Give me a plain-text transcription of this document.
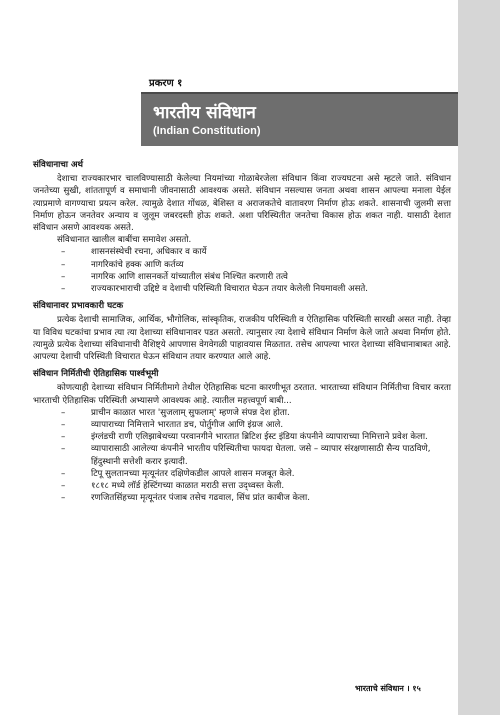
प्रकरण १
भारतीय संविधान
(Indian Constitution)
संविधानाचा अर्थ

देशाचा राज्यकारभार चालविण्यासाठी केलेल्या नियमांच्या गोळाबेरजेला संविधान किंवा राज्यघटना असे म्हटले जाते. संविधान जनतेच्या सुखी, शांततापूर्ण व समाधानी जीवनासाठी आवश्यक असते. संविधान नसल्यास जनता अथवा शासन आपल्या मनाला येईल त्याप्रमाणे वागण्याचा प्रयत्न करेल. त्यामुळे देशात गोंधळ, बेशिस्त व अराजकतेचे वातावरण निर्माण होऊ शकते. शासनाची जुलमी सत्ता निर्माण होऊन जनतेवर अन्याय व जुलूम जबरदस्ती होऊ शकते. अशा परिस्थितीत जनतेचा विकास होऊ शकत नाही. यासाठी देशात संविधान असणे आवश्यक असते.

संविधानात खालील बाबींचा समावेश असतो.

–	शासनसंस्थेची रचना, अधिकार व कार्ये
–	नागरिकांचे हक्क आणि कर्तव्य
–	नागरिक आणि शासनकर्ते यांच्यातील संबंध निश्चित करणारी तत्वे
–	राज्यकारभाराची उद्दिष्टे व देशाची परिस्थिती विचारात घेऊन तयार केलेली नियमावली असते.
संविधानावर प्रभावकारी घटक

प्रत्येक देशाची सामाजिक, आर्थिक, भौगोलिक, सांस्कृतिक, राजकीय परिस्थिती व ऐतिहासिक परिस्थिती सारखी असत नाही. तेव्हा या विविध घटकांचा प्रभाव त्या त्या देशाच्या संविधानावर पडत असतो. त्यानुसार त्या देशाचे संविधान निर्माण केले जाते अथवा निर्माण होते. त्यामुळे प्रत्येक देशाच्या संविधानाची वैशिष्ट्ये आपणास वेगवेगळी पाहावयास मिळतात. तसेच आपल्या भारत देशाच्या संविधानाबाबत आहे. आपल्या देशाची परिस्थिती विचारात घेऊन संविधान तयार करण्यात आले आहे.

संविधान निर्मितीची ऐतिहासिक पार्श्वभूमी

कोणत्याही देशाच्या संविधान निर्मितीमागे तेथील ऐतिहासिक घटना कारणीभूत ठरतात. भारताच्या संविधान निर्मितीचा विचार करता भारताची ऐतिहासिक परिस्थिती अभ्यासणे आवश्यक आहे. त्यातील महत्त्वपूर्ण बाबी...

–	प्राचीन काळात भारत 'सुजलाम् सुफलाम्' म्हणजे संपन्न देश होता.
–	व्यापाराच्या निमित्ताने भारतात डच, पोर्तुगीज आणि इंग्रज आले.
–	इंग्लंडची राणी एलिझाबेथच्या परवानगीने भारतात ब्रिटिश ईस्ट इंडिया कंपनीने व्यापाराच्या निमित्ताने प्रवेश केला.
–	व्यापारासाठी आलेल्या कंपनीने भारतीय परिस्थितीचा फायदा घेतला. जसे – व्यापार संरक्षणासाठी सैन्य पाठविणे, हिंदुस्थानी सत्तेशी करार इत्यादी.
–	टिपू सुलतानच्या मृत्यूनंतर दक्षिणेकडील आपले शासन मजबूत केले.
–	१८१८ मध्ये लॉर्ड हेस्टिंगच्या काळात मराठी सत्ता उद्ध्वस्त केली.
–	रणजितसिंहच्या मृत्यूनंतर पंजाब तसेच गढवाल, सिंध प्रांत काबीज केला.
भारताचे संविधान । १५
